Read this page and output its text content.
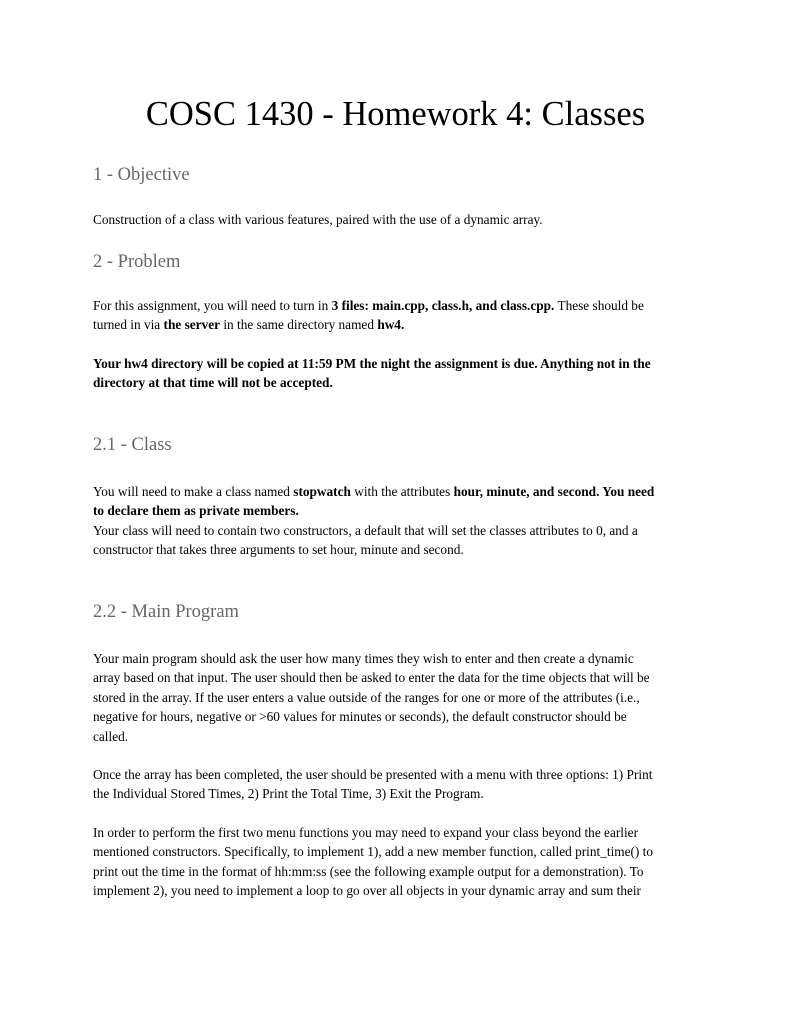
COSC 1430 - Homework 4: Classes
1 - Objective

Construction of a class with various features, paired with the use of a dynamic array.

2 - Problem

For this assignment, you will need to turn in 3 files: main.cpp, class.h, and class.cpp. These should be
turned in via the server in the same directory named hw4.

Your hw4 directory will be copied at 11:59 PM the night the assignment is due. Anything not in the
directory at that time will not be accepted.

2.1 - Class

You will need to make a class named stopwatch with the attributes hour, minute, and second. You need
to declare them as private members.
Your class will need to contain two constructors, a default that will set the classes attributes to 0, and a
constructor that takes three arguments to set hour, minute and second.

2.2 - Main Program

Your main program should ask the user how many times they wish to enter and then create a dynamic
array based on that input. The user should then be asked to enter the data for the time objects that will be
stored in the array. If the user enters a value outside of the ranges for one or more of the attributes (i.e.,
negative for hours, negative or >60 values for minutes or seconds), the default constructor should be
called.

Once the array has been completed, the user should be presented with a menu with three options: 1) Print
the Individual Stored Times, 2) Print the Total Time, 3) Exit the Program.

In order to perform the first two menu functions you may need to expand your class beyond the earlier
mentioned constructors. Specifically, to implement 1), add a new member function, called print_time() to
print out the time in the format of hh:mm:ss (see the following example output for a demonstration). To
implement 2), you need to implement a loop to go over all objects in your dynamic array and sum their
